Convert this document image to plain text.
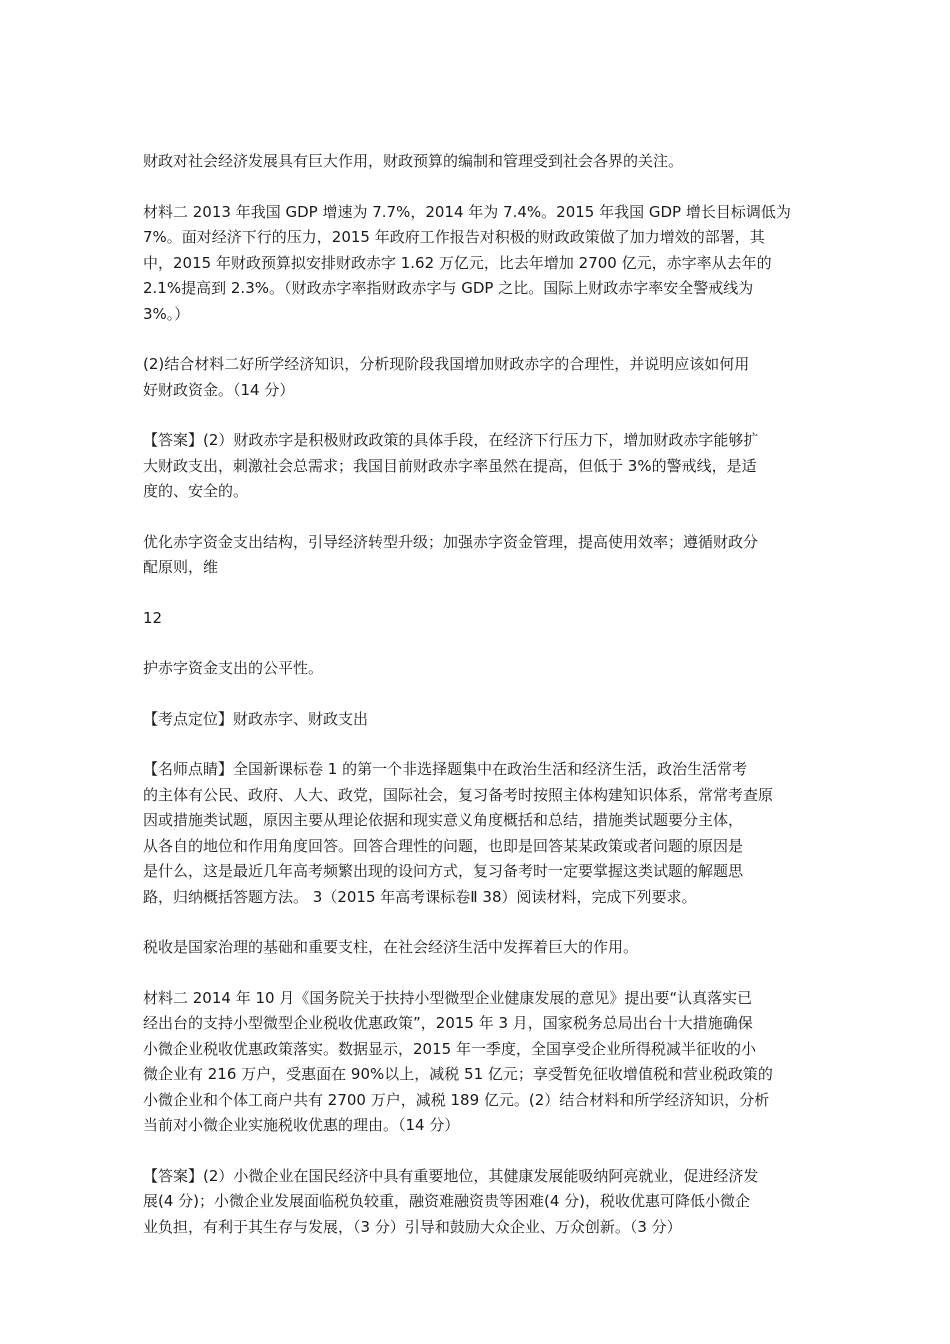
财政对社会经济发展具有巨大作用，财政预算的编制和管理受到社会各界的关注。
材料二 2013 年我国 GDP 增速为 7.7%，2014 年为 7.4%。2015 年我国 GDP 增长目标调低为
7%。面对经济下行的压力，2015 年政府工作报告对积极的财政政策做了加力增效的部署，其
中，2015 年财政预算拟安排财政赤字 1.62 万亿元，比去年增加 2700 亿元，赤字率从去年的
2.1%提高到 2.3%。（财政赤字率指财政赤字与 GDP 之比。国际上财政赤字率安全警戒线为
3%。）
(2)结合材料二好所学经济知识，分析现阶段我国增加财政赤字的合理性，并说明应该如何用
好财政资金。（14 分）
【答案】(2）财政赤字是积极财政政策的具体手段，在经济下行压力下，增加财政赤字能够扩
大财政支出，刺激社会总需求；我国目前财政赤字率虽然在提高，但低于 3%的警戒线，是适
度的、安全的。
优化赤字资金支出结构，引导经济转型升级；加强赤字资金管理，提高使用效率；遵循财政分
配原则，维
12
护赤字资金支出的公平性。
【考点定位】财政赤字、财政支出
【名师点睛】全国新课标卷 1 的第一个非选择题集中在政治生活和经济生活，政治生活常考
的主体有公民、政府、人大、政党，国际社会，复习备考时按照主体构建知识体系，常常考查原
因或措施类试题，原因主要从理论依据和现实意义角度概括和总结，措施类试题要分主体，
从各自的地位和作用角度回答。回答合理性的问题，也即是回答某某政策或者问题的原因是
是什么，这是最近几年高考频繁出现的设问方式，复习备考时一定要掌握这类试题的解题思
路，归纳概括答题方法。 3（2015 年高考课标卷Ⅱ 38）阅读材料，完成下列要求。
税收是国家治理的基础和重要支柱，在社会经济生活中发挥着巨大的作用。
材料二 2014 年 10 月《国务院关于扶持小型微型企业健康发展的意见》提出要“认真落实已
经出台的支持小型微型企业税收优惠政策”，2015 年 3 月，国家税务总局出台十大措施确保
小微企业税收优惠政策落实。数据显示，2015 年一季度，全国享受企业所得税减半征收的小
微企业有 216 万户，受惠面在 90%以上，减税 51 亿元；享受暂免征收增值税和营业税政策的
小微企业和个体工商户共有 2700 万户，减税 189 亿元。(2）结合材料和所学经济知识，分析
当前对小微企业实施税收优惠的理由。（14 分）
【答案】(2）小微企业在国民经济中具有重要地位，其健康发展能吸纳阿亮就业，促进经济发
展(4 分)；小微企业发展面临税负较重，融资难融资贵等困难(4 分)，税收优惠可降低小微企
业负担，有利于其生存与发展，（3 分）引导和鼓励大众企业、万众创新。（3 分）
